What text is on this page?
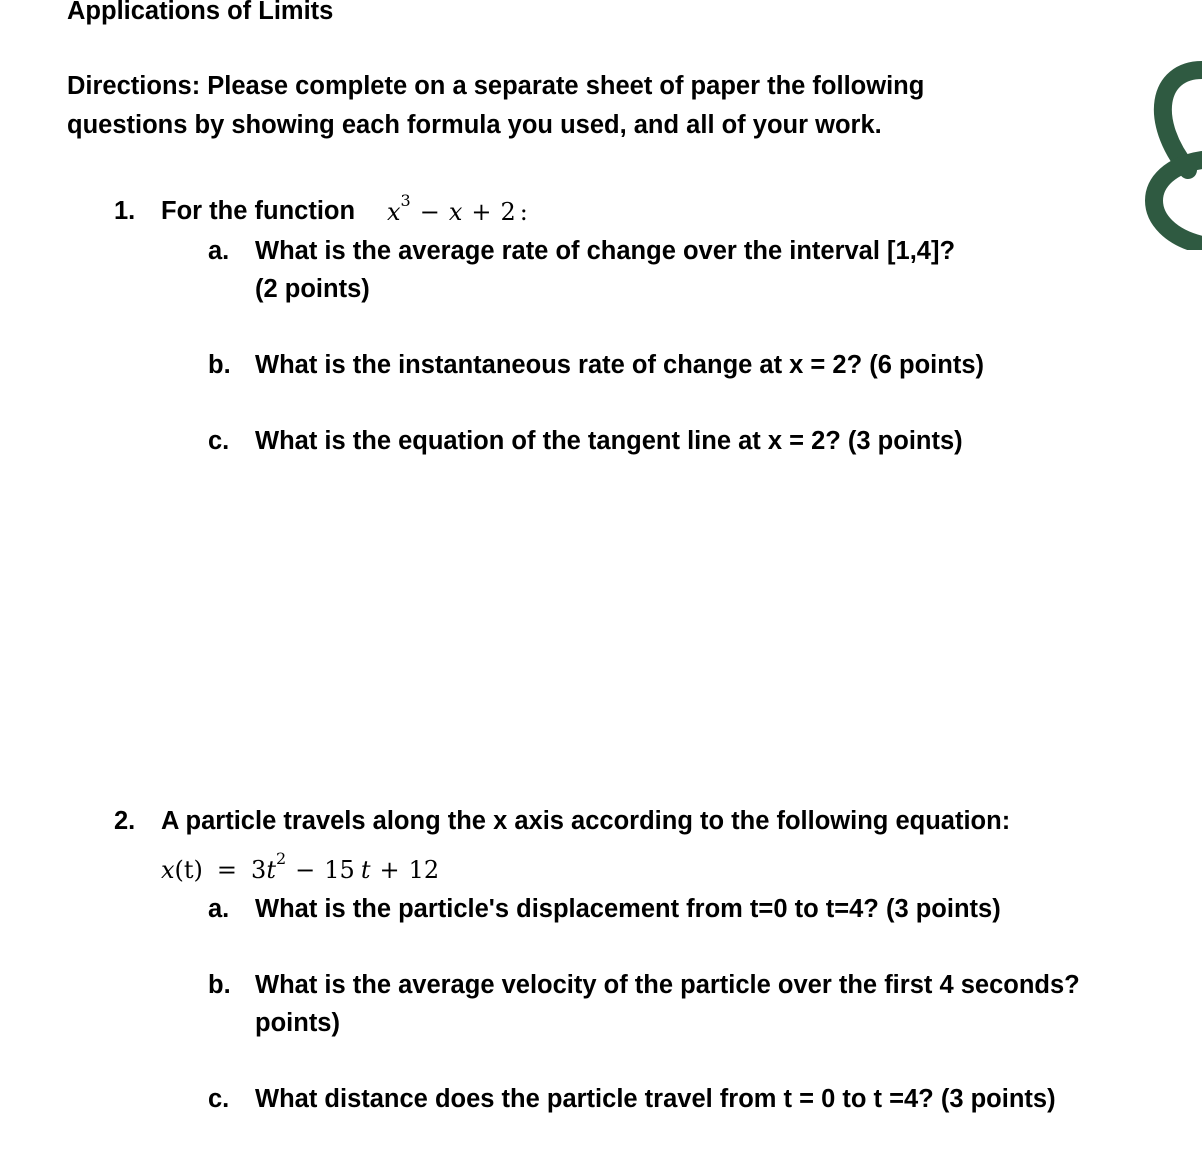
Applications of Limits
Directions: Please complete on a separate sheet of paper the following
questions by showing each formula you used, and all of your work.
1. For the function $x^3 - x + 2$ :
a. What is the average rate of change over the interval [1,4]?
(2 points)
b. What is the instantaneous rate of change at x = 2? (6 points)
c. What is the equation of the tangent line at x = 2? (3 points)
2. A particle travels along the x axis according to the following equation:
$x(t) = 3t^2 - 15$ t + 12
a. What is the particle's displacement from t=0 to t=4? (3 points)
b. What is the average velocity of the particle over the first 4 seconds?
points)
c. What distance does the particle travel from t = 0 to t =4? (3 points)
